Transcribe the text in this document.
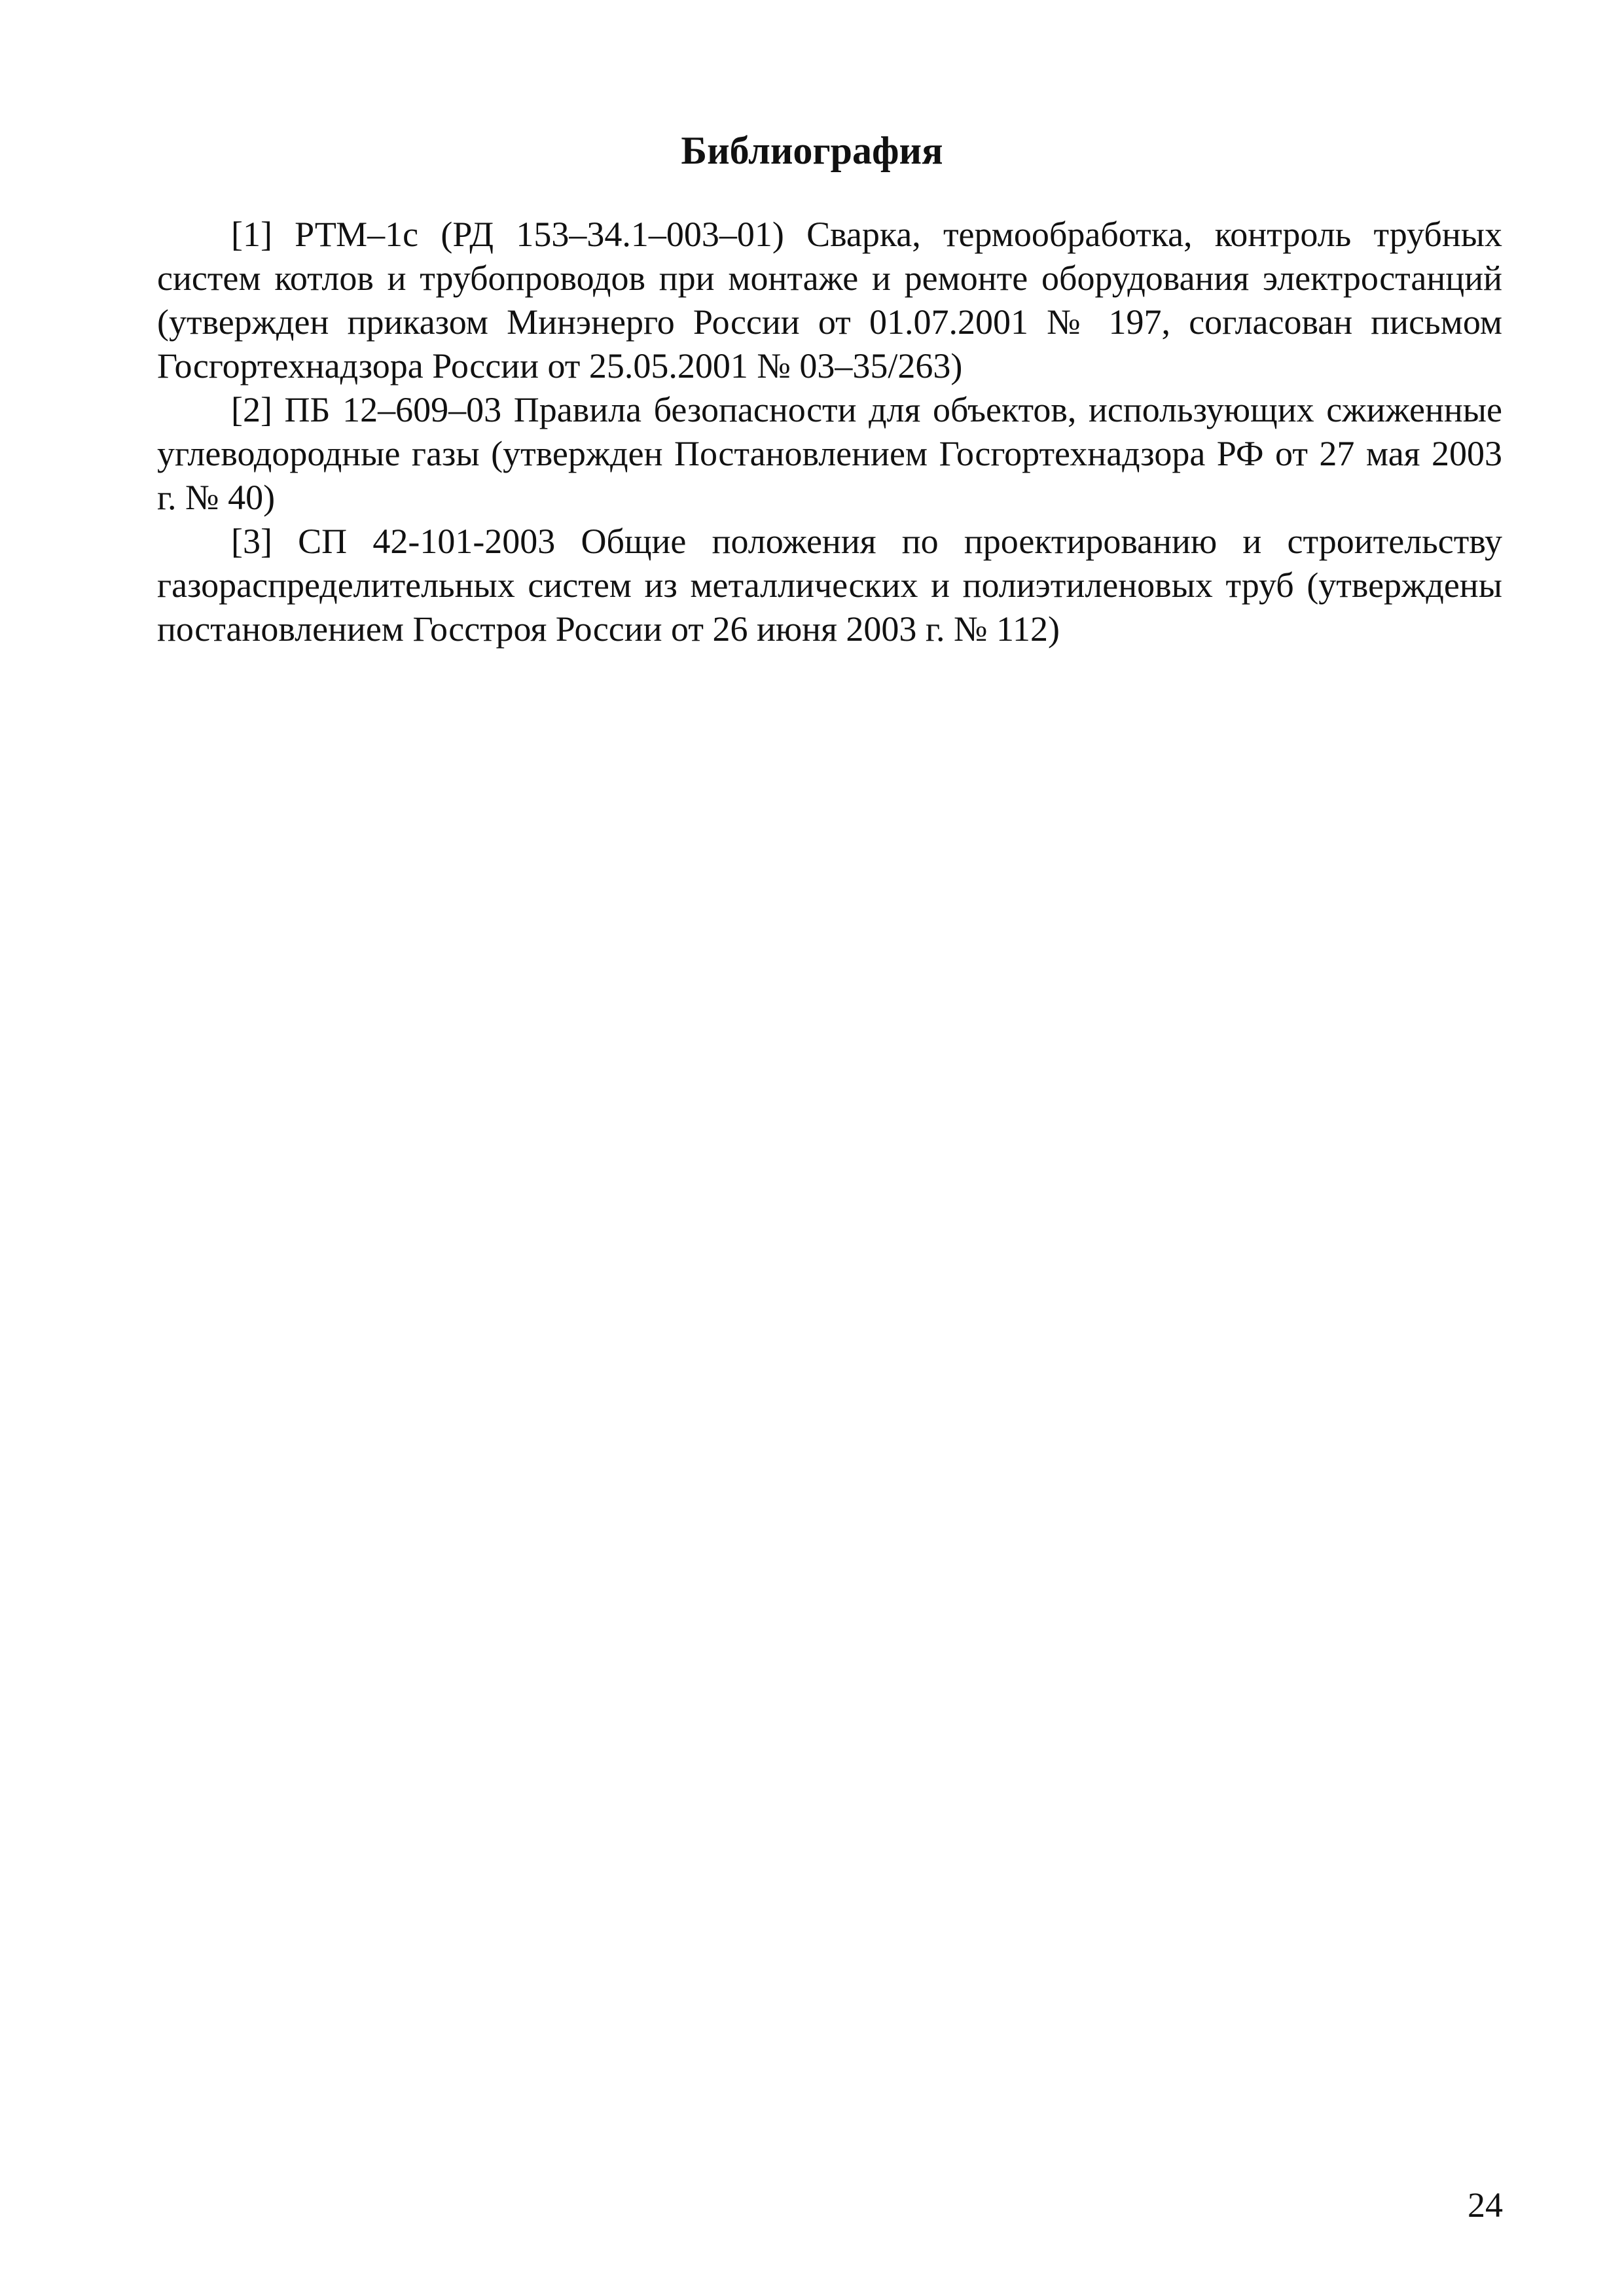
Библиография

[1] РТМ–1с (РД 153–34.1–003–01) Сварка, термообработка, контроль трубных систем котлов и трубопроводов при монтаже и ремонте оборудования электростанций (утвержден приказом Минэнерго России от 01.07.2001 № 197, согласован письмом Госгортехнадзора России от 25.05.2001 № 03–35/263)

[2] ПБ 12–609–03 Правила безопасности для объектов, использующих сжиженные углеводородные газы (утвержден Постановлением Госгортехнадзора РФ от 27 мая 2003 г. № 40)

[3] СП 42-101-2003 Общие положения по проектированию и строительству газораспределительных систем из металлических и полиэтиленовых труб (утверждены постановлением Госстроя России от 26 июня 2003 г. № 112)

24
